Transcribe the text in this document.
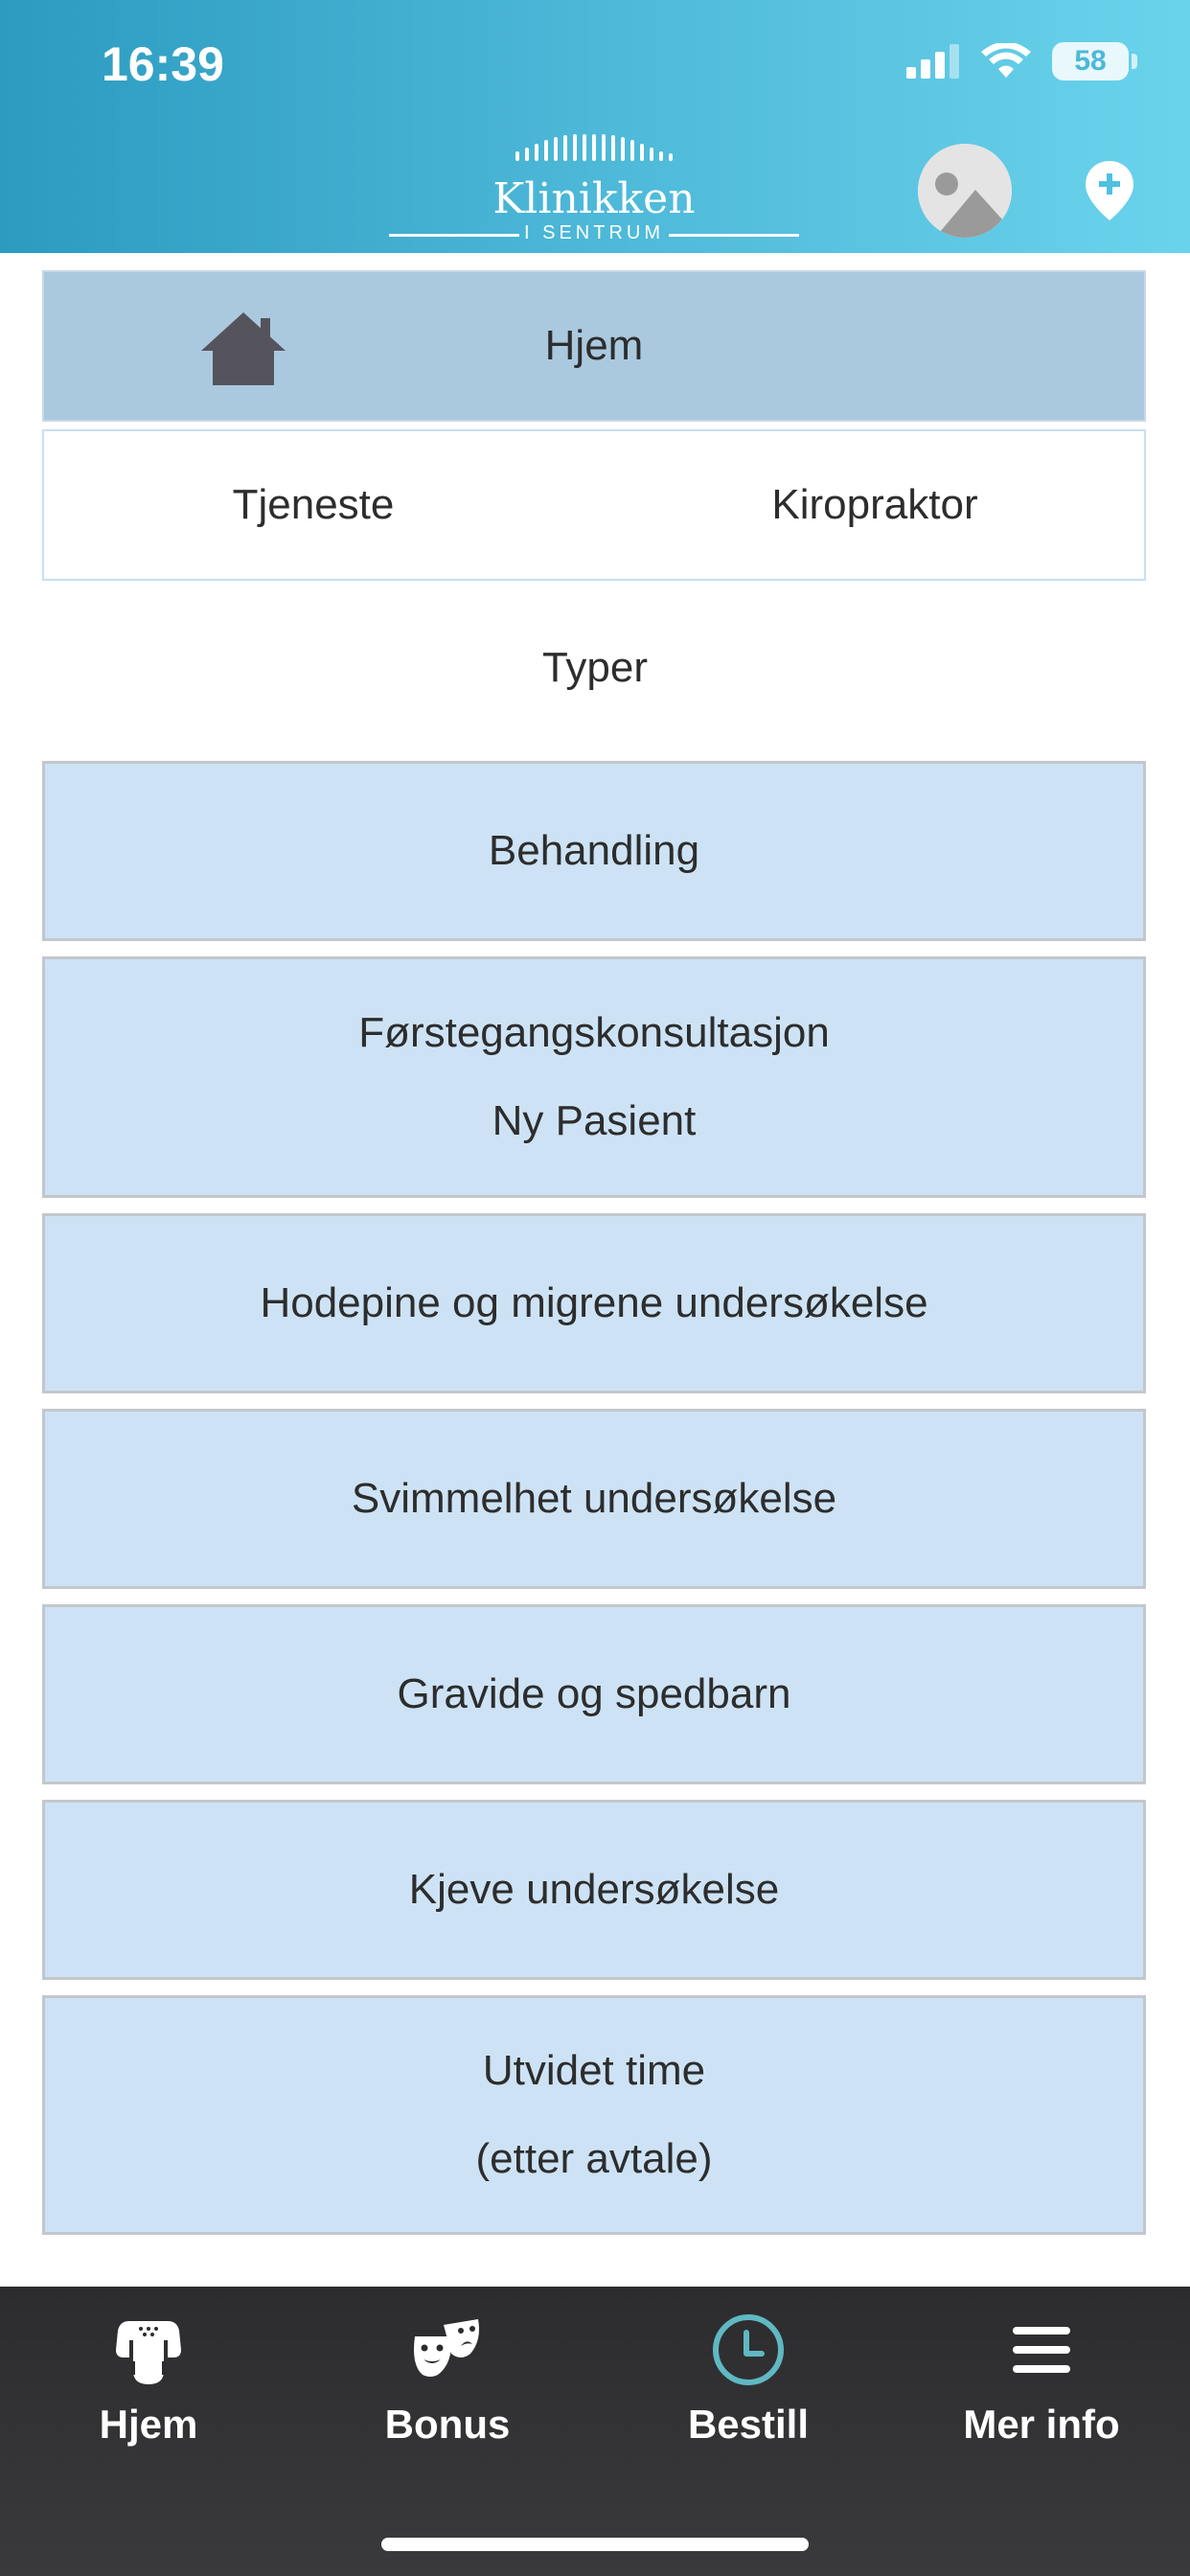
16:39	58
Klinikken
I SENTRUM
Hjem
Tjeneste	Kiropraktor
Typer
Behandling
Førstegangskonsultasjon
Ny Pasient
Hodepine og migrene undersøkelse
Svimmelhet undersøkelse
Gravide og spedbarn
Kjeve undersøkelse
Utvidet time
(etter avtale)
Hjem	Bonus	Bestill	Mer info
